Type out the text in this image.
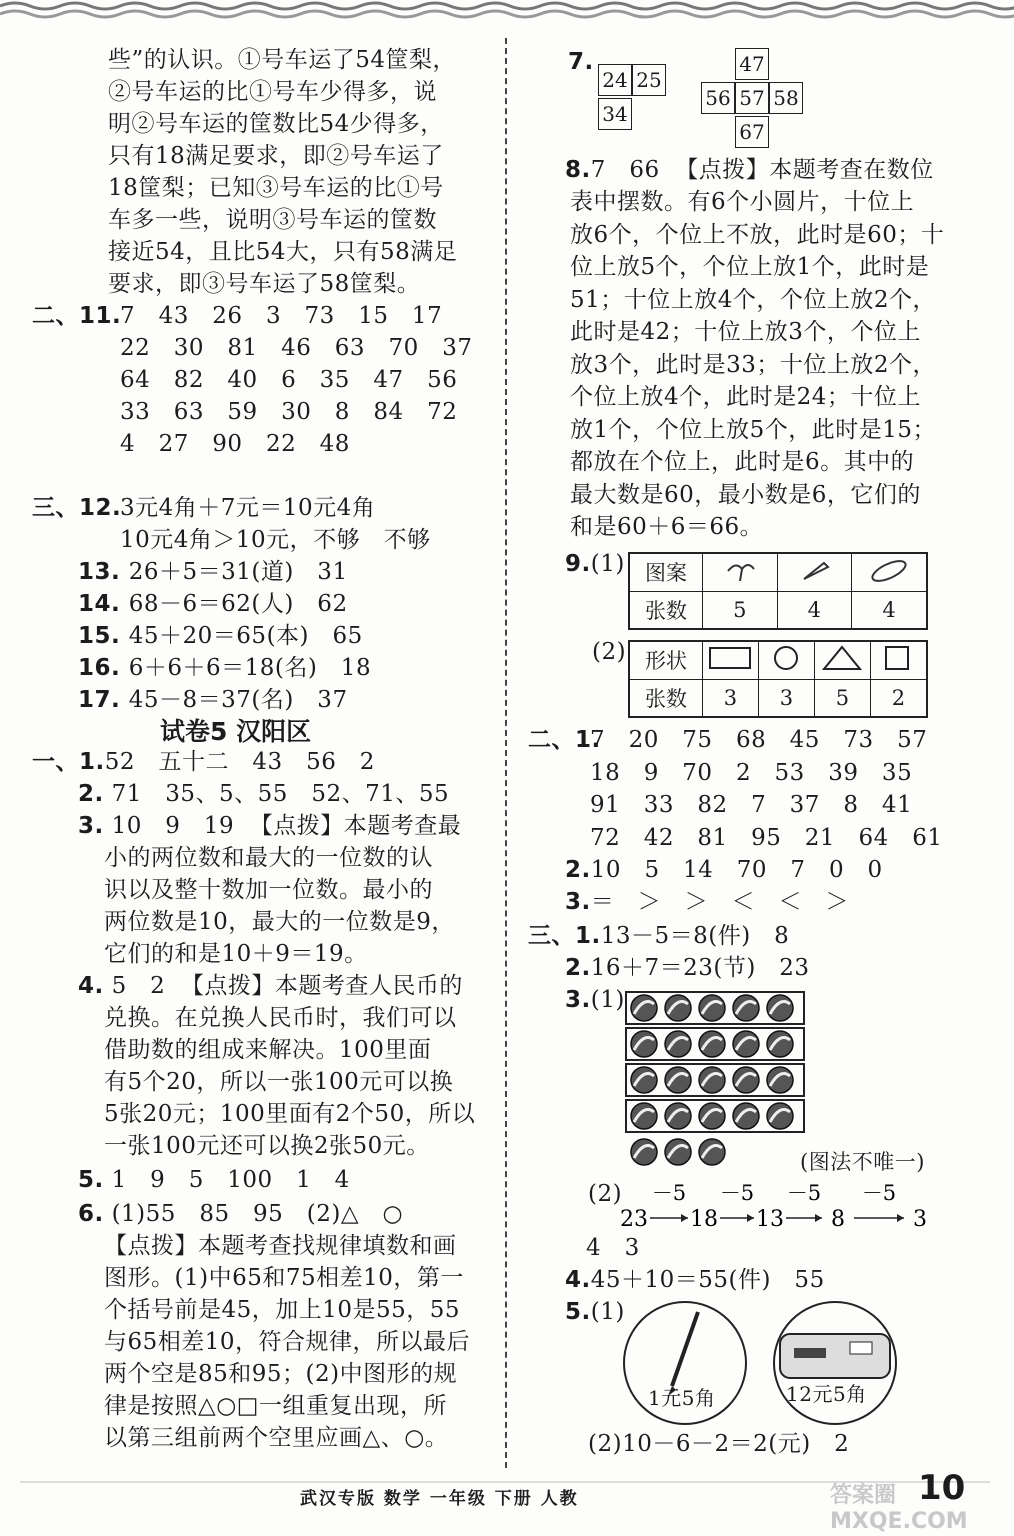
些”的认识。①号车运了54筐梨，
②号车运的比①号车少得多，说
明②号车运的筐数比54少得多，
只有18满足要求，即②号车运了
18筐梨；已知③号车运的比①号
车多一些，说明③号车运的筐数
接近54，且比54大，只有58满足
要求，即③号车运了58筐梨。
二、11.
7   43   26   3   73   15   17
22   30   81   46   63   70   37
64   82   40   6   35   47   56
33   63   59   30   8   84   72
4   27   90   22   48
三、12.
3元4角＋7元＝10元4角
10元4角＞10元，不够   不够
13. 26＋5＝31(道)   31
14. 68－6＝62(人)   62
15. 45＋20＝65(本)   65
16. 6＋6＋6＝18(名)   18
17. 45－8＝37(名)   37
试卷5 汉阳区
一、1.52   五十二   43   56   2
2. 71   35、5、55   52、71、55
3. 10   9   19  【点拨】本题考查最
小的两位数和最大的一位数的认
识以及整十数加一位数。最小的
两位数是10，最大的一位数是9，
它们的和是10＋9＝19。
4. 5   2  【点拨】本题考查人民币的
兑换。在兑换人民币时，我们可以
借助数的组成来解决。100里面
有5个20，所以一张100元可以换
5张20元；100里面有2个50，所以
一张100元还可以换2张50元。
5. 1   9   5   100   1   4
6. (1)55   85   95   (2)△   ○
【点拨】本题考查找规律填数和画
图形。(1)中65和75相差10，第一
个括号前是45，加上10是55，55
与65相差10，符合规律，所以最后
两个空是85和95；(2)中图形的规
律是按照△○□一组重复出现，所
以第三组前两个空里应画△、○。
7.
24 25
34
47
56 57 58
67
8.7   66  【点拨】本题考查在数位
表中摆数。有6个小圆片，十位上
放6个，个位上不放，此时是60；十
位上放5个，个位上放1个，此时是
51；十位上放4个，个位上放2个，
此时是42；十位上放3个，个位上
放3个，此时是33；十位上放2个，
个位上放4个，此时是24；十位上
放1个，个位上放5个，此时是15；
都放在个位上，此时是6。其中的
最大数是60，最小数是6，它们的
和是60＋6＝66。
9.(1) 图案			
张数	5	4	4
(2) 形状				
张数	3	3	5	2
二、1.
7   20   75   68   45   73   57
18   9   70   2   53   39   35
91   33   82   7   37   8   41
72   42   81   95   21   64   61
2.10   5   14   70   7   0   0
3.＝   ＞   ＞   ＜   ＜   ＞
三、1.13－5＝8(件)   8
2.16＋7＝23(节)   23
3.(1)
(图法不唯一)
(2)
23
－5
18
－5
13
－5
8
－5
3
4   3
4.45＋10＝55(件)   55
5.(1)
1元5角	12元5角
(2)10－6－2＝2(元)   2
武汉专版 数学 一年级 下册 人教	答案圈 MXQE.COM
10
